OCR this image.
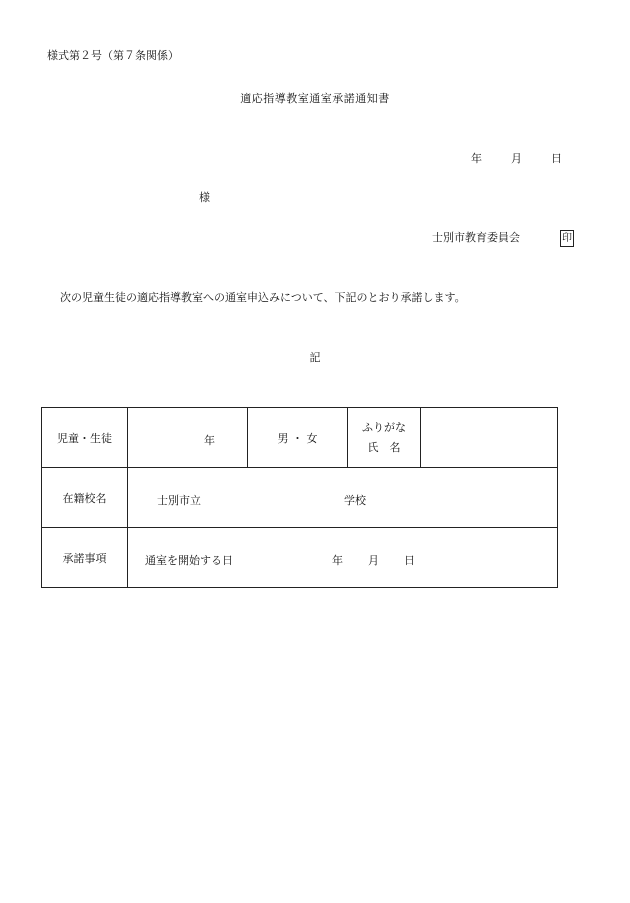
様式第２号（第７条関係）
適応指導教室通室承諾通知書
年	月	日
様
士別市教育委員会	印
次の児童生徒の適応指導教室への通室申込みについて、下記のとおり承諾します。
記
児童・生徒	年	男 ・ 女	ふりがな
氏　名	

在籍校名	士別市立 学校			

承諾事項	通室を開始する日 年 月 日			
